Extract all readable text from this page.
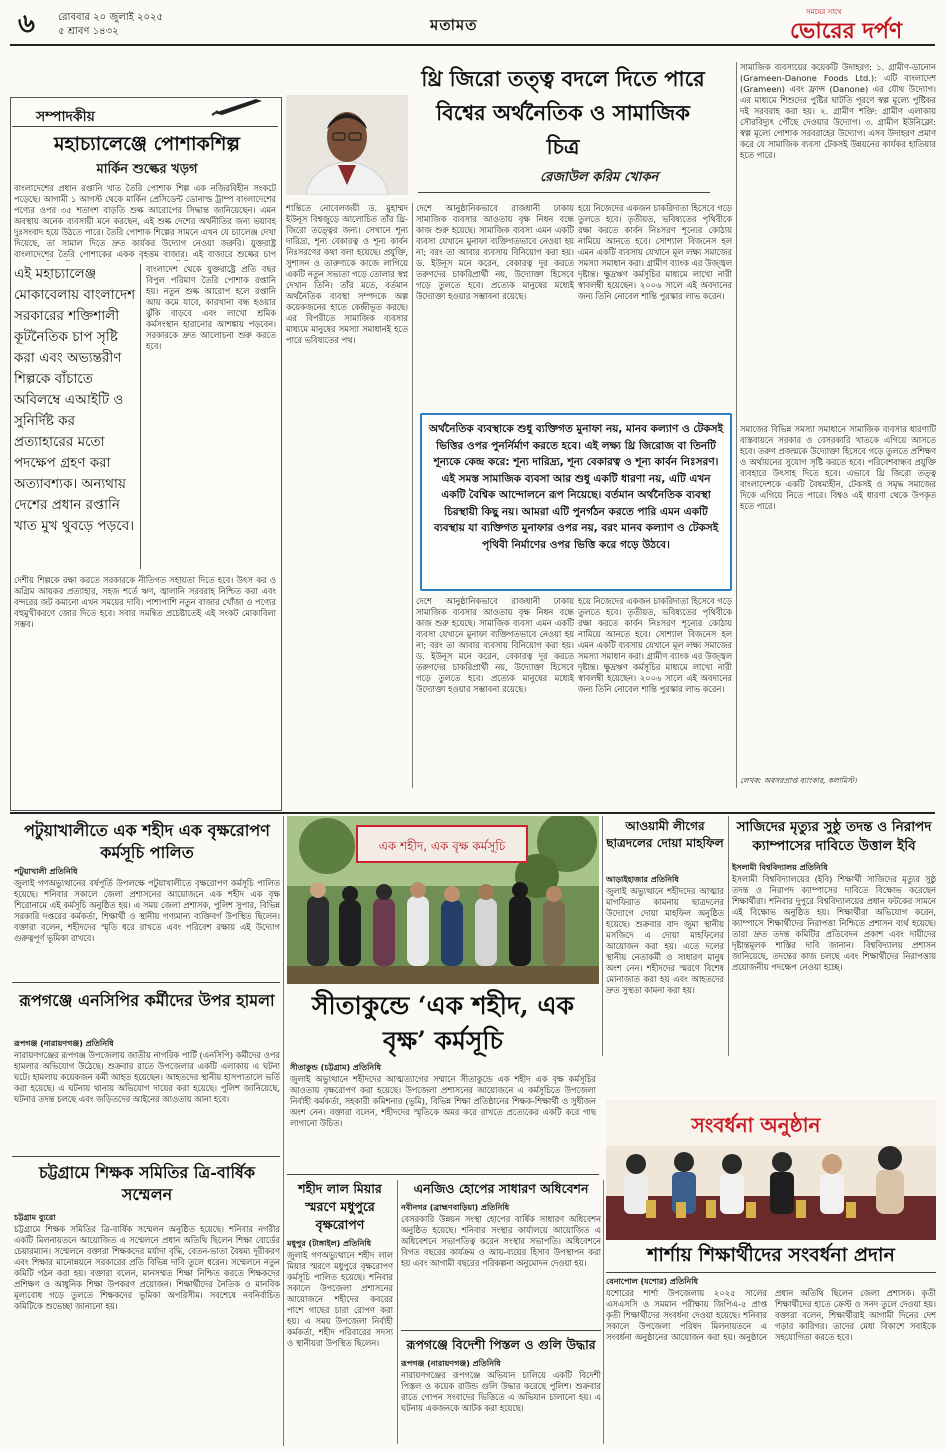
৬	রোববার ২০ জুলাই ২০২৫
৫ শ্রাবণ ১৪৩২	মতামত
সময়ের সাথে
ভোরের দর্পণ
সম্পাদকীয়
মহাচ্যালেঞ্জে পোশাকশিল্প
মার্কিন শুল্কের খড়গ
বাংলাদেশের প্রধান রপ্তানি খাত তৈরি পোশাক শিল্প এক নজিরবিহীন সংকটে পড়েছে। আগামী ১ আগস্ট থেকে মার্কিন প্রেসিডেন্ট ডোনাল্ড ট্রাম্প বাংলাদেশের পণ্যের ওপর ৩৫ শতাংশ বাড়তি শুল্ক আরোপের সিদ্ধান্ত জানিয়েছেন। এমন অবস্থায় অনেক ব্যবসায়ী মনে করছেন, এই শুল্ক দেশের অর্থনীতির জন্য ভয়াবহ দুঃসংবাদ হয়ে উঠতে পারে। তৈরি পোশাক শিল্পের সামনে এখন যে চ্যালেঞ্জ দেখা দিয়েছে, তা সামাল দিতে দ্রুত কার্যকর উদ্যোগ নেওয়া জরুরি। যুক্তরাষ্ট্র বাংলাদেশের তৈরি পোশাকের একক বৃহত্তম বাজার। এই বাজারে শুল্কের চাপ
এই মহাচ্যালেঞ্জ মোকাবেলায় বাংলাদেশ সরকারের শক্তিশালী কূটনৈতিক চাপ সৃষ্টি করা এবং অভ্যন্তরীণ শিল্পকে বাঁচাতে অবিলম্বে এআইটি ও সুনির্দিষ্ট কর প্রত্যাহারের মতো পদক্ষেপ গ্রহণ করা অত্যাবশ্যক। অন্যথায় দেশের প্রধান রপ্তানি খাত মুখ থুবড়ে পড়বে।
বাংলাদেশ থেকে যুক্তরাষ্ট্রে প্রতি বছর বিপুল পরিমাণ তৈরি পোশাক রপ্তানি হয়। নতুন শুল্ক আরোপ হলে রপ্তানি আয় কমে যাবে, কারখানা বন্ধ হওয়ার ঝুঁকি বাড়বে এবং লাখো শ্রমিক কর্মসংস্থান হারানোর আশঙ্কায় পড়বেন। সরকারকে দ্রুত আলোচনা শুরু করতে হবে।
দেশীয় শিল্পকে রক্ষা করতে সরকারকে নীতিগত সহায়তা দিতে হবে। উৎস কর ও অগ্রিম আয়কর প্রত্যাহার, সহজ শর্তে ঋণ, জ্বালানি সরবরাহ নিশ্চিত করা এবং বন্দরের জট কমানো এখন সময়ের দাবি। পাশাপাশি নতুন বাজার খোঁজা ও পণ্যের বহুমুখীকরণে জোর দিতে হবে। সবার সমন্বিত প্রচেষ্টাতেই এই সংকট মোকাবিলা সম্ভব।
থ্রি জিরো তত্ত্ব বদলে দিতে পারে বিশ্বের অর্থনৈতিক ও সামাজিক চিত্র
রেজাউল করিম খোকন
শান্তিতে নোবেলজয়ী ড. মুহাম্মদ ইউনূস বিশ্বজুড়ে আলোচিত তাঁর থ্রি-জিরো তত্ত্বের জন্য। সেখানে শূন্য দারিদ্র্য, শূন্য বেকারত্ব ও শূন্য কার্বন নিঃসরণের কথা বলা হয়েছে। প্রযুক্তি, সুশাসন ও তারুণ্যকে কাজে লাগিয়ে একটি নতুন সভ্যতা গড়ে তোলার স্বপ্ন দেখান তিনি। তাঁর মতে, বর্তমান অর্থনৈতিক ব্যবস্থা সম্পদকে অল্প কয়েকজনের হাতে কেন্দ্রীভূত করছে। এর বিপরীতে সামাজিক ব্যবসার মাধ্যমে মানুষের সমস্যা সমাধানই হতে পারে ভবিষ্যতের পথ।
দেশে আনুষ্ঠানিকভাবে রাজধানী ঢাকায় সামাজিক ব্যবসার আওতায় বৃক্ষ নিধন বন্ধে কাজ শুরু হয়েছে। সামাজিক ব্যবসা এমন একটি ব্যবসা যেখানে মুনাফা ব্যক্তিগতভাবে নেওয়া হয় না; বরং তা আবার ব্যবসায় বিনিয়োগ করা হয়। ড. ইউনূস মনে করেন, বেকারত্ব দূর করতে তরুণদের চাকরিপ্রার্থী নয়, উদ্যোক্তা হিসেবে গড়ে তুলতে হবে। প্রত্যেক মানুষের মধ্যেই উদ্যোক্তা হওয়ার সম্ভাবনা রয়েছে।
হয়ে নিজেদের একজন চাকরিদাতা হিসেবে গড়ে তুলতে হবে। তৃতীয়ত, ভবিষ্যতের পৃথিবীকে রক্ষা করতে কার্বন নিঃসরণ শূন্যের কোঠায় নামিয়ে আনতে হবে। সোশ্যাল বিজনেস হল এমন একটি ব্যবসায় যেখানে মূল লক্ষ্য সমাজের সমস্যা সমাধান করা। গ্রামীণ ব্যাংক এর উজ্জ্বল দৃষ্টান্ত। ক্ষুদ্রঋণ কর্মসূচির মাধ্যমে লাখো নারী স্বাবলম্বী হয়েছেন। ২০০৬ সালে এই অবদানের জন্য তিনি নোবেল শান্তি পুরস্কার লাভ করেন।
অর্থনৈতিক ব্যবস্থাকে শুধু ব্যক্তিগত মুনাফা নয়, মানব কল্যাণ ও টেকসই ভিত্তির ওপর পুনর্নির্মাণ করতে হবে। এই লক্ষ্য থ্রি জিরোজ বা তিনটি শূন্যকে কেন্দ্র করে: শূন্য দারিদ্র্য, শূন্য বেকারত্ব ও শূন্য কার্বন নিঃসরণ। এই সমস্ত সামাজিক ব্যবসা আর শুধু একটি ধারণা নয়, এটি এখন একটি বৈশ্বিক আন্দোলনে রূপ নিয়েছে। বর্তমান অর্থনৈতিক ব্যবস্থা চিরস্থায়ী কিছু নয়। আমরা এটি পুনর্গঠন করতে পারি এমন একটি ব্যবস্থায় যা ব্যক্তিগত মুনাফার ওপর নয়, বরং মানব কল্যাণ ও টেকসই পৃথিবী নির্মাণের ওপর ভিত্তি করে গড়ে উঠবে।
দেশে আনুষ্ঠানিকভাবে রাজধানী ঢাকায় সামাজিক ব্যবসার আওতায় বৃক্ষ নিধন বন্ধে কাজ শুরু হয়েছে। সামাজিক ব্যবসা এমন একটি ব্যবসা যেখানে মুনাফা ব্যক্তিগতভাবে নেওয়া হয় না; বরং তা আবার ব্যবসায় বিনিয়োগ করা হয়। ড. ইউনূস মনে করেন, বেকারত্ব দূর করতে তরুণদের চাকরিপ্রার্থী নয়, উদ্যোক্তা হিসেবে গড়ে তুলতে হবে। প্রত্যেক মানুষের মধ্যেই উদ্যোক্তা হওয়ার সম্ভাবনা রয়েছে।
হয়ে নিজেদের একজন চাকরিদাতা হিসেবে গড়ে তুলতে হবে। তৃতীয়ত, ভবিষ্যতের পৃথিবীকে রক্ষা করতে কার্বন নিঃসরণ শূন্যের কোঠায় নামিয়ে আনতে হবে। সোশ্যাল বিজনেস হল এমন একটি ব্যবসায় যেখানে মূল লক্ষ্য সমাজের সমস্যা সমাধান করা। গ্রামীণ ব্যাংক এর উজ্জ্বল দৃষ্টান্ত। ক্ষুদ্রঋণ কর্মসূচির মাধ্যমে লাখো নারী স্বাবলম্বী হয়েছেন। ২০০৬ সালে এই অবদানের জন্য তিনি নোবেল শান্তি পুরস্কার লাভ করেন।
সামাজিক ব্যবসায়ের কয়েকটি উদাহরণ: ১. গ্রামীণ-ডানোন (Grameen-Danone Foods Ltd.): এটি বাংলাদেশ (Grameen) এবং ফ্রান্স (Danone) এর যৌথ উদ্যোগ। এর মাধ্যমে শিশুদের পুষ্টির ঘাটতি পূরণে স্বল্প মূল্যে পুষ্টিকর দই সরবরাহ করা হয়। ২. গ্রামীণ শক্তি: গ্রামীণ এলাকায় সৌরবিদ্যুৎ পৌঁছে দেওয়ার উদ্যোগ। ৩. গ্রামীণ ইউনিক্লো: স্বল্প মূল্যে পোশাক সরবরাহের উদ্যোগ। এসব উদাহরণ প্রমাণ করে যে সামাজিক ব্যবসা টেকসই উন্নয়নের কার্যকর হাতিয়ার হতে পারে।
সমাজের বিভিন্ন সমস্যা সমাধানে সামাজিক ব্যবসার ধারণাটি বাস্তবায়নে সরকার ও বেসরকারি খাতকে এগিয়ে আসতে হবে। তরুণ প্রজন্মকে উদ্যোক্তা হিসেবে গড়ে তুলতে প্রশিক্ষণ ও অর্থায়নের সুযোগ সৃষ্টি করতে হবে। পরিবেশবান্ধব প্রযুক্তি ব্যবহারে উৎসাহ দিতে হবে। এভাবে থ্রি জিরো তত্ত্ব বাংলাদেশকে একটি বৈষম্যহীন, টেকসই ও সমৃদ্ধ সমাজের দিকে এগিয়ে নিতে পারে। বিশ্বও এই ধারণা থেকে উপকৃত হতে পারে।
লেখক: অবসরপ্রাপ্ত ব্যাংকার, কলামিস্ট।
পটুয়াখালীতে এক শহীদ এক বৃক্ষরোপণ কর্মসূচি পালিত
পটুয়াখালী প্রতিনিধি
জুলাই গণঅভ্যুত্থানের বর্ষপূর্তি উপলক্ষে পটুয়াখালীতে বৃক্ষরোপণ কর্মসূচি পালিত হয়েছে। শনিবার সকালে জেলা প্রশাসনের আয়োজনে এক শহীদ এক বৃক্ষ শিরোনামে এই কর্মসূচি অনুষ্ঠিত হয়। এ সময় জেলা প্রশাসক, পুলিশ সুপার, বিভিন্ন সরকারি দপ্তরের কর্মকর্তা, শিক্ষার্থী ও স্থানীয় গণ্যমান্য ব্যক্তিবর্গ উপস্থিত ছিলেন। বক্তারা বলেন, শহীদদের স্মৃতি ধরে রাখতে এবং পরিবেশ রক্ষায় এই উদ্যোগ গুরুত্বপূর্ণ ভূমিকা রাখবে।
রূপগঞ্জে এনসিপির কর্মীদের উপর হামলা
রূপগঞ্জ (নারায়ণগঞ্জ) প্রতিনিধি
নারায়ণগঞ্জের রূপগঞ্জ উপজেলায় জাতীয় নাগরিক পার্টি (এনসিপি) কর্মীদের ওপর হামলার অভিযোগ উঠেছে। শুক্রবার রাতে উপজেলার একটি এলাকায় এ ঘটনা ঘটে। হামলায় কয়েকজন কর্মী আহত হয়েছেন। আহতদের স্থানীয় হাসপাতালে ভর্তি করা হয়েছে। এ ঘটনায় থানায় অভিযোগ দায়ের করা হয়েছে। পুলিশ জানিয়েছে, ঘটনার তদন্ত চলছে এবং জড়িতদের আইনের আওতায় আনা হবে।
চট্টগ্রামে শিক্ষক সমিতির ত্রি-বার্ষিক সম্মেলন
চট্টগ্রাম ব্যুরো
চট্টগ্রামে শিক্ষক সমিতির ত্রি-বার্ষিক সম্মেলন অনুষ্ঠিত হয়েছে। শনিবার নগরীর একটি মিলনায়তনে আয়োজিত এ সম্মেলনে প্রধান অতিথি ছিলেন শিক্ষা বোর্ডের চেয়ারম্যান। সম্মেলনে বক্তারা শিক্ষকদের মর্যাদা বৃদ্ধি, বেতন-ভাতা বৈষম্য দূরীকরণ এবং শিক্ষার মানোন্নয়নে সরকারের প্রতি বিভিন্ন দাবি তুলে ধরেন। সম্মেলনে নতুন কমিটি গঠন করা হয়। বক্তারা বলেন, মানসম্মত শিক্ষা নিশ্চিত করতে শিক্ষকদের প্রশিক্ষণ ও আধুনিক শিক্ষা উপকরণ প্রয়োজন। শিক্ষার্থীদের নৈতিক ও মানবিক মূল্যবোধ গড়ে তুলতে শিক্ষকদের ভূমিকা অপরিসীম। সবশেষে নবনির্বাচিত কমিটিকে শুভেচ্ছা জানানো হয়।
এক শহীদ, এক বৃক্ষ কর্মসূচি
সীতাকুন্ডে ‘এক শহীদ, এক বৃক্ষ’ কর্মসূচি
সীতাকুন্ড (চট্টগ্রাম) প্রতিনিধি
জুলাই অভ্যুত্থানে শহীদদের আত্মত্যাগের সম্মানে সীতাকুন্ডে এক শহীদ এক বৃক্ষ কর্মসূচির আওতায় বৃক্ষরোপণ করা হয়েছে। উপজেলা প্রশাসনের আয়োজনে এ কর্মসূচিতে উপজেলা নির্বাহী কর্মকর্তা, সহকারী কমিশনার (ভূমি), বিভিন্ন শিক্ষা প্রতিষ্ঠানের শিক্ষক-শিক্ষার্থী ও সুধীজন অংশ নেন। বক্তারা বলেন, শহীদদের স্মৃতিকে অমর করে রাখতে প্রত্যেকের একটি করে গাছ লাগানো উচিত।
আওয়ামী লীগের ছাত্রদলের দোয়া মাহফিল
আড়াইহাজার প্রতিনিধি
জুলাই অভ্যুত্থানে শহীদদের আত্মার মাগফিরাত কামনায় ছাত্রদলের উদ্যোগে দোয়া মাহফিল অনুষ্ঠিত হয়েছে। শুক্রবার বাদ জুমা স্থানীয় মসজিদে এ দোয়া মাহফিলের আয়োজন করা হয়। এতে দলের স্থানীয় নেতাকর্মী ও সাধারণ মানুষ অংশ নেন। শহীদদের স্মরণে বিশেষ মোনাজাত করা হয় এবং আহতদের দ্রুত সুস্থতা কামনা করা হয়।
সাজিদের মৃত্যুর সুষ্ঠু তদন্ত ও নিরাপদ ক্যাম্পাসের দাবিতে উত্তাল ইবি
ইসলামী বিশ্ববিদ্যালয় প্রতিনিধি
ইসলামী বিশ্ববিদ্যালয়ের (ইবি) শিক্ষার্থী সাজিদের মৃত্যুর সুষ্ঠু তদন্ত ও নিরাপদ ক্যাম্পাসের দাবিতে বিক্ষোভ করেছেন শিক্ষার্থীরা। শনিবার দুপুরে বিশ্ববিদ্যালয়ের প্রধান ফটকের সামনে এই বিক্ষোভ অনুষ্ঠিত হয়। শিক্ষার্থীরা অভিযোগ করেন, ক্যাম্পাসে শিক্ষার্থীদের নিরাপত্তা নিশ্চিতে প্রশাসন ব্যর্থ হয়েছে। তারা দ্রুত তদন্ত কমিটির প্রতিবেদন প্রকাশ এবং দায়ীদের দৃষ্টান্তমূলক শাস্তির দাবি জানান। বিশ্ববিদ্যালয় প্রশাসন জানিয়েছে, তদন্তের কাজ চলছে এবং শিক্ষার্থীদের নিরাপত্তায় প্রয়োজনীয় পদক্ষেপ নেওয়া হচ্ছে।
সংবর্ধনা অনুষ্ঠান
শার্শায় শিক্ষার্থীদের সংবর্ধনা প্রদান
বেনাপোল (যশোর) প্রতিনিধি
যশোরের শার্শা উপজেলায় ২০২৫ সালের এসএসসি ও সমমান পরীক্ষায় জিপিএ-৫ প্রাপ্ত কৃতী শিক্ষার্থীদের সংবর্ধনা দেওয়া হয়েছে। শনিবার সকালে উপজেলা পরিষদ মিলনায়তনে এ সংবর্ধনা অনুষ্ঠানের আয়োজন করা হয়। অনুষ্ঠানে প্রধান অতিথি ছিলেন জেলা প্রশাসক। কৃতী শিক্ষার্থীদের হাতে ক্রেস্ট ও সনদ তুলে দেওয়া হয়। বক্তারা বলেন, শিক্ষার্থীরাই আগামী দিনের দেশ গড়ার কারিগর। তাদের মেধা বিকাশে সবাইকে সহযোগিতা করতে হবে।
শহীদ লাল মিয়ার স্মরণে মধুপুরে বৃক্ষরোপণ
মধুপুর (টাঙ্গাইল) প্রতিনিধি
জুলাই গণঅভ্যুত্থানে শহীদ লাল মিয়ার স্মরণে মধুপুরে বৃক্ষরোপণ কর্মসূচি পালিত হয়েছে। শনিবার সকালে উপজেলা প্রশাসনের আয়োজনে শহীদের কবরের পাশে গাছের চারা রোপণ করা হয়। এ সময় উপজেলা নির্বাহী কর্মকর্তা, শহীদ পরিবারের সদস্য ও স্থানীয়রা উপস্থিত ছিলেন।
এনজিও হোপের সাধারণ অধিবেশন
নবীনগর (ব্রাহ্মণবাড়িয়া) প্রতিনিধি
বেসরকারি উন্নয়ন সংস্থা হোপের বার্ষিক সাধারণ অধিবেশন অনুষ্ঠিত হয়েছে। শনিবার সংস্থার কার্যালয়ে আয়োজিত এ অধিবেশনে সভাপতিত্ব করেন সংস্থার সভাপতি। অধিবেশনে বিগত বছরের কার্যক্রম ও আয়-ব্যয়ের হিসাব উপস্থাপন করা হয় এবং আগামী বছরের পরিকল্পনা অনুমোদন দেওয়া হয়।
রূপগঞ্জে বিদেশী পিস্তল ও গুলি উদ্ধার
রূপগঞ্জ (নারায়ণগঞ্জ) প্রতিনিধি
নারায়ণগঞ্জের রূপগঞ্জে অভিযান চালিয়ে একটি বিদেশী পিস্তল ও কয়েক রাউন্ড গুলি উদ্ধার করেছে পুলিশ। শুক্রবার রাতে গোপন সংবাদের ভিত্তিতে এ অভিযান চালানো হয়। এ ঘটনায় একজনকে আটক করা হয়েছে।
